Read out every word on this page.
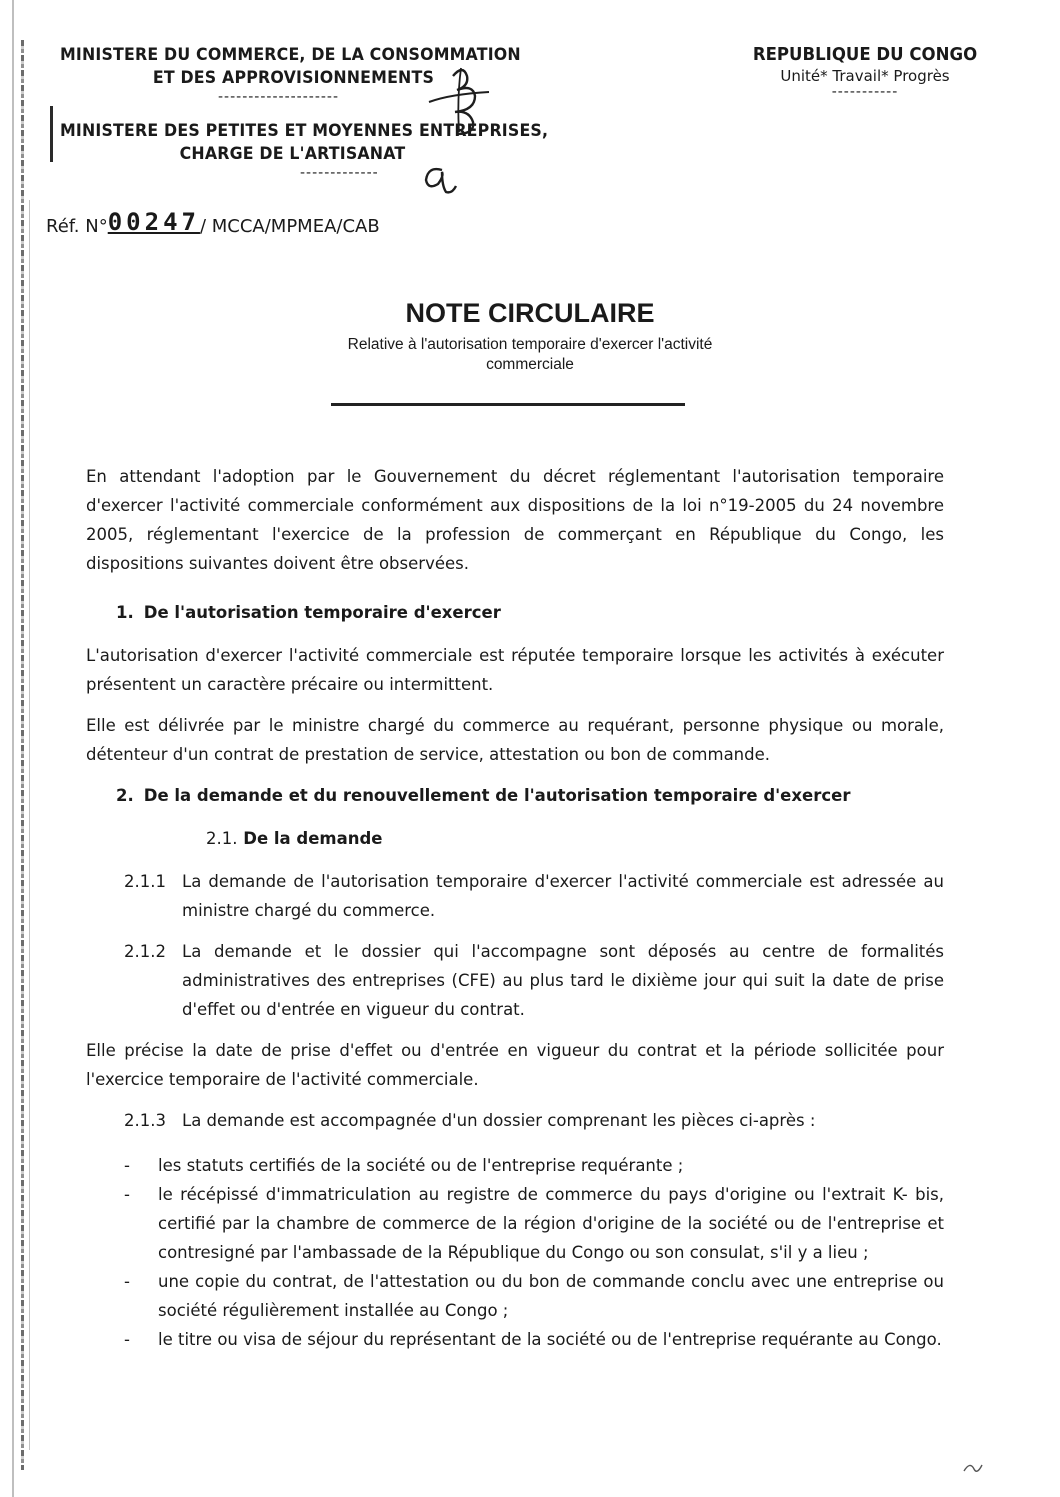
MINISTERE DU COMMERCE, DE LA CONSOMMATION
ET DES APPROVISIONNEMENTS
--------------------
MINISTERE DES PETITES ET MOYENNES ENTREPRISES,
CHARGE DE L'ARTISANAT
-------------
REPUBLIQUE DU CONGO
Unité* Travail* Progrès
-----------
Réf. N°00247/ MCCA/MPMEA/CAB
NOTE CIRCULAIRE
Relative à l'autorisation temporaire d'exercer l'activité
commerciale

En attendant l'adoption par le Gouvernement du décret réglementant l'autorisation temporaire d'exercer l'activité commerciale conformément aux dispositions de la loi n°19-2005 du 24 novembre 2005, réglementant l'exercice de la profession de commerçant en République du Congo, les dispositions suivantes doivent être observées.

1. De l'autorisation temporaire d'exercer

L'autorisation d'exercer l'activité commerciale est réputée temporaire lorsque les activités à exécuter présentent un caractère précaire ou intermittent.

Elle est délivrée par le ministre chargé du commerce au requérant, personne physique ou morale, détenteur d'un contrat de prestation de service, attestation ou bon de commande.

2. De la demande et du renouvellement de l'autorisation temporaire d'exercer
2.1. De la demande
2.1.1 La demande de l'autorisation temporaire d'exercer l'activité commerciale est adressée au ministre chargé du commerce.
2.1.2 La demande et le dossier qui l'accompagne sont déposés au centre de formalités administratives des entreprises (CFE) au plus tard le dixième jour qui suit la date de prise d'effet ou d'entrée en vigueur du contrat.

Elle précise la date de prise d'effet ou d'entrée en vigueur du contrat et la période sollicitée pour l'exercice temporaire de l'activité commerciale.

2.1.3 La demande est accompagnée d'un dossier comprenant les pièces ci-après :
-	les statuts certifiés de la société ou de l'entreprise requérante ;
-	le récépissé d'immatriculation au registre de commerce du pays d'origine ou l'extrait K- bis, certifié par la chambre de commerce de la région d'origine de la société ou de l'entreprise et contresigné par l'ambassade de la République du Congo ou son consulat, s'il y a lieu ;
-	une copie du contrat, de l'attestation ou du bon de commande conclu avec une entreprise ou société régulièrement installée au Congo ;
-	le titre ou visa de séjour du représentant de la société ou de l'entreprise requérante au Congo.
